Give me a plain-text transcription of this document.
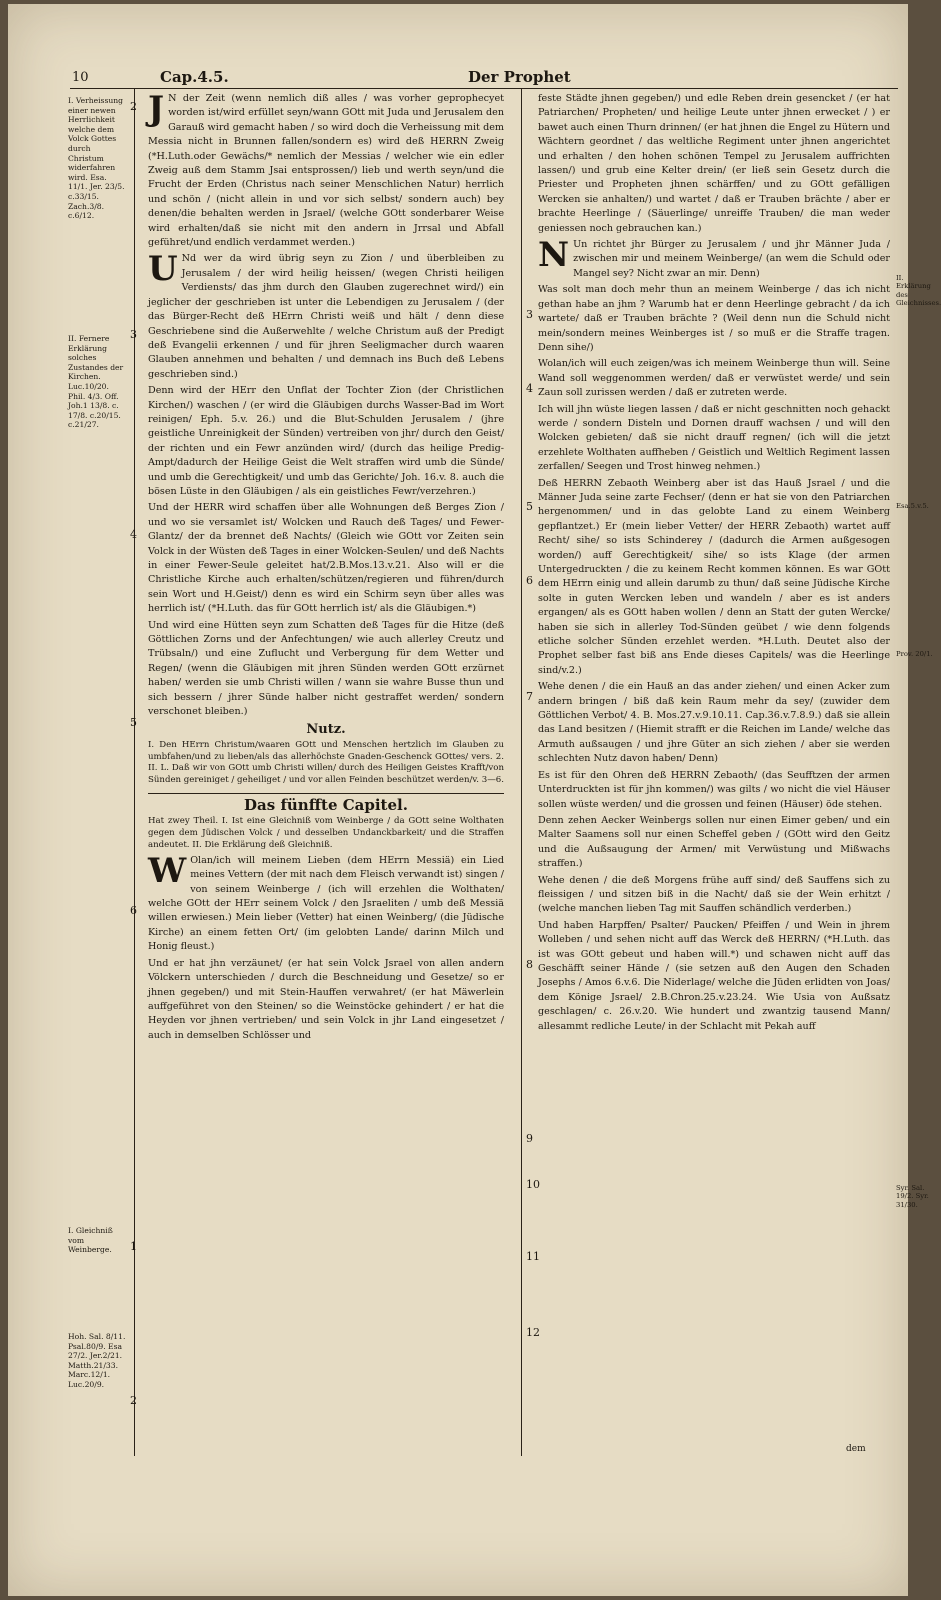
10	Cap.4.5.	Der Prophet
I. Verheissung einer newen Herrlichkeit welche dem Volck Gottes durch Christum widerfahren wird. Esa. 11/1. Jer. 23/5. c.33/15. Zach.3/8. c.6/12.
II. Fernere Erklärung solches Zustandes der Kirchen. Luc.10/20. Phil. 4/3. Off. Joh.1 13/8. c. 17/8. c.20/15. c.21/27.
I. Gleichniß vom Weinberge.
Hoh. Sal. 8/11. Psal.80/9. Esa 27/2. Jer.2/21. Matth.21/33. Marc.12/1. Luc.20/9.
II. Erklärung des Gleichnisses.
Esa.5.v.5.
Prov. 20/1.
Syr. Sal. 19/2. Syr. 31/30.
2
3
4
5
6
1
2
3
4
5
6
7
8
9
10
11
12

J N der Zeit (wenn nemlich diß alles / was vorher geprophecyet worden ist/wird erfüllet seyn/wann GOtt mit Juda und Jerusalem den Garauß wird gemacht haben / so wird doch die Verheissung mit dem Messia nicht in Brunnen fallen/sondern es) wird deß HERRN Zweig (*H.Luth.oder Gewächs/* nemlich der Messias / welcher wie ein edler Zweig auß dem Stamm Jsai entsprossen/) lieb und werth seyn/und die Frucht der Erden (Christus nach seiner Menschlichen Natur) herrlich und schön / (nicht allein in und vor sich selbst/ sondern auch) bey denen/die behalten werden in Jsrael/ (welche GOtt sonderbarer Weise wird erhalten/daß sie nicht mit den andern in Jrrsal und Abfall geführet/und endlich verdammet werden.)

U Nd wer da wird übrig seyn zu Zion / und überbleiben zu Jerusalem / der wird heilig heissen/ (wegen Christi heiligen Verdiensts/ das jhm durch den Glauben zugerechnet wird/) ein jeglicher der geschrieben ist unter die Lebendigen zu Jerusalem / (der das Bürger-Recht deß HErrn Christi weiß und hält / denn diese Geschriebene sind die Außerwehlte / welche Christum auß der Predigt deß Evangelii erkennen / und für jhren Seeligmacher durch waaren Glauben annehmen und behalten / und demnach ins Buch deß Lebens geschrieben sind.)

Denn wird der HErr den Unflat der Tochter Zion (der Christlichen Kirchen/) waschen / (er wird die Gläubigen durchs Wasser-Bad im Wort reinigen/ Eph. 5.v. 26.) und die Blut-Schulden Jerusalem / (jhre geistliche Unreinigkeit der Sünden) vertreiben von jhr/ durch den Geist/ der richten und ein Fewr anzünden wird/ (durch das heilige Predig-Ampt/dadurch der Heilige Geist die Welt straffen wird umb die Sünde/ und umb die Gerechtigkeit/ und umb das Gerichte/ Joh. 16.v. 8. auch die bösen Lüste in den Gläubigen / als ein geistliches Fewr/verzehren.)

Und der HERR wird schaffen über alle Wohnungen deß Berges Zion / und wo sie versamlet ist/ Wolcken und Rauch deß Tages/ und Fewer-Glantz/ der da brennet deß Nachts/ (Gleich wie GOtt vor Zeiten sein Volck in der Wüsten deß Tages in einer Wolcken-Seulen/ und deß Nachts in einer Fewer-Seule geleitet hat/2.B.Mos.13.v.21. Also will er die Christliche Kirche auch erhalten/schützen/regieren und führen/durch sein Wort und H.Geist/) denn es wird ein Schirm seyn über alles was herrlich ist/ (*H.Luth. das für GOtt herrlich ist/ als die Gläubigen.*)

Und wird eine Hütten seyn zum Schatten deß Tages für die Hitze (deß Göttlichen Zorns und der Anfechtungen/ wie auch allerley Creutz und Trübsaln/) und eine Zuflucht und Verbergung für dem Wetter und Regen/ (wenn die Gläubigen mit jhren Sünden werden GOtt erzürnet haben/ werden sie umb Christi willen / wann sie wahre Busse thun und sich bessern / jhrer Sünde halber nicht gestraffet werden/ sondern verschonet bleiben.)

Nutz.

I. Den HErrn Christum/waaren GOtt und Menschen hertzlich im Glauben zu umbfahen/und zu lieben/als das allerhöchste Gnaden-Geschenck GOttes/ vers. 2. II. L. Daß wir von GOtt umb Christi willen/ durch des Heiligen Geistes Krafft/von Sünden gereiniget / geheiliget / und vor allen Feinden beschützet werden/v. 3—6.

Das fünffte Capitel.

Hat zwey Theil. I. Ist eine Gleichniß vom Weinberge / da GOtt seine Wolthaten gegen dem Jüdischen Volck / und desselben Undanckbarkeit/ und die Straffen andeutet. II. Die Erklärung deß Gleichniß.

W Olan/ich will meinem Lieben (dem HErrn Messiä) ein Lied meines Vettern (der mit nach dem Fleisch verwandt ist) singen / von seinem Weinberge / (ich will erzehlen die Wolthaten/ welche GOtt der HErr seinem Volck / den Jsraeliten / umb deß Messiä willen erwiesen.) Mein lieber (Vetter) hat einen Weinberg/ (die Jüdische Kirche) an einem fetten Ort/ (im gelobten Lande/ darinn Milch und Honig fleust.)

Und er hat jhn verzäunet/ (er hat sein Volck Jsrael von allen andern Völckern unterschieden / durch die Beschneidung und Gesetze/ so er jhnen gegeben/) und mit Stein-Hauffen verwahret/ (er hat Mäwerlein auffgeführet von den Steinen/ so die Weinstöcke gehindert / er hat die Heyden vor jhnen vertrieben/ und sein Volck in jhr Land eingesetzet / auch in demselben Schlösser und

feste Städte jhnen gegeben/) und edle Reben drein gesencket / (er hat Patriarchen/ Propheten/ und heilige Leute unter jhnen erwecket / ) er bawet auch einen Thurn drinnen/ (er hat jhnen die Engel zu Hütern und Wächtern geordnet / das weltliche Regiment unter jhnen angerichtet und erhalten / den hohen schönen Tempel zu Jerusalem auffrichten lassen/) und grub eine Kelter drein/ (er ließ sein Gesetz durch die Priester und Propheten jhnen schärffen/ und zu GOtt gefälligen Wercken sie anhalten/) und wartet / daß er Trauben brächte / aber er brachte Heerlinge / (Säuerlinge/ unreiffe Trauben/ die man weder geniessen noch gebrauchen kan.)

N Un richtet jhr Bürger zu Jerusalem / und jhr Männer Juda / zwischen mir und meinem Weinberge/ (an wem die Schuld oder Mangel sey? Nicht zwar an mir. Denn)

Was solt man doch mehr thun an meinem Weinberge / das ich nicht gethan habe an jhm ? Warumb hat er denn Heerlinge gebracht / da ich wartete/ daß er Trauben brächte ? (Weil denn nun die Schuld nicht mein/sondern meines Weinberges ist / so muß er die Straffe tragen. Denn sihe/)

Wolan/ich will euch zeigen/was ich meinem Weinberge thun will. Seine Wand soll weggenommen werden/ daß er verwüstet werde/ und sein Zaun soll zurissen werden / daß er zutreten werde.

Ich will jhn wüste liegen lassen / daß er nicht geschnitten noch gehackt werde / sondern Disteln und Dornen drauff wachsen / und will den Wolcken gebieten/ daß sie nicht drauff regnen/ (ich will die jetzt erzehlete Wolthaten auffheben / Geistlich und Weltlich Regiment lassen zerfallen/ Seegen und Trost hinweg nehmen.)

Deß HERRN Zebaoth Weinberg aber ist das Hauß Jsrael / und die Männer Juda seine zarte Fechser/ (denn er hat sie von den Patriarchen hergenommen/ und in das gelobte Land zu einem Weinberg gepflantzet.) Er (mein lieber Vetter/ der HERR Zebaoth) wartet auff Recht/ sihe/ so ists Schinderey / (dadurch die Armen außgesogen worden/) auff Gerechtigkeit/ sihe/ so ists Klage (der armen Untergedruckten / die zu keinem Recht kommen können. Es war GOtt dem HErrn einig und allein darumb zu thun/ daß seine Jüdische Kirche solte in guten Wercken leben und wandeln / aber es ist anders ergangen/ als es GOtt haben wollen / denn an Statt der guten Wercke/ haben sie sich in allerley Tod-Sünden geübet / wie denn folgends etliche solcher Sünden erzehlet werden. *H.Luth. Deutet also der Prophet selber fast biß ans Ende dieses Capitels/ was die Heerlinge sind/v.2.)

Wehe denen / die ein Hauß an das ander ziehen/ und einen Acker zum andern bringen / biß daß kein Raum mehr da sey/ (zuwider dem Göttlichen Verbot/ 4. B. Mos.27.v.9.10.11. Cap.36.v.7.8.9.) daß sie allein das Land besitzen / (Hiemit strafft er die Reichen im Lande/ welche das Armuth außsaugen / und jhre Güter an sich ziehen / aber sie werden schlechten Nutz davon haben/ Denn)

Es ist für den Ohren deß HERRN Zebaoth/ (das Seufftzen der armen Unterdruckten ist für jhn kommen/) was gilts / wo nicht die viel Häuser sollen wüste werden/ und die grossen und feinen (Häuser) öde stehen.

Denn zehen Aecker Weinbergs sollen nur einen Eimer geben/ und ein Malter Saamens soll nur einen Scheffel geben / (GOtt wird den Geitz und die Außsaugung der Armen/ mit Verwüstung und Mißwachs straffen.)

Wehe denen / die deß Morgens frühe auff sind/ deß Sauffens sich zu fleissigen / und sitzen biß in die Nacht/ daß sie der Wein erhitzt / (welche manchen lieben Tag mit Sauffen schändlich verderben.)

Und haben Harpffen/ Psalter/ Paucken/ Pfeiffen / und Wein in jhrem Wolleben / und sehen nicht auff das Werck deß HERRN/ (*H.Luth. das ist was GOtt gebeut und haben will.*) und schawen nicht auff das Geschäfft seiner Hände / (sie setzen auß den Augen den Schaden Josephs / Amos 6.v.6. Die Niderlage/ welche die Jüden erlidten von Joas/ dem Könige Jsrael/ 2.B.Chron.25.v.23.24. Wie Usia von Außsatz geschlagen/ c. 26.v.20. Wie hundert und zwantzig tausend Mann/ allesammt redliche Leute/ in der Schlacht mit Pekah auff

dem
